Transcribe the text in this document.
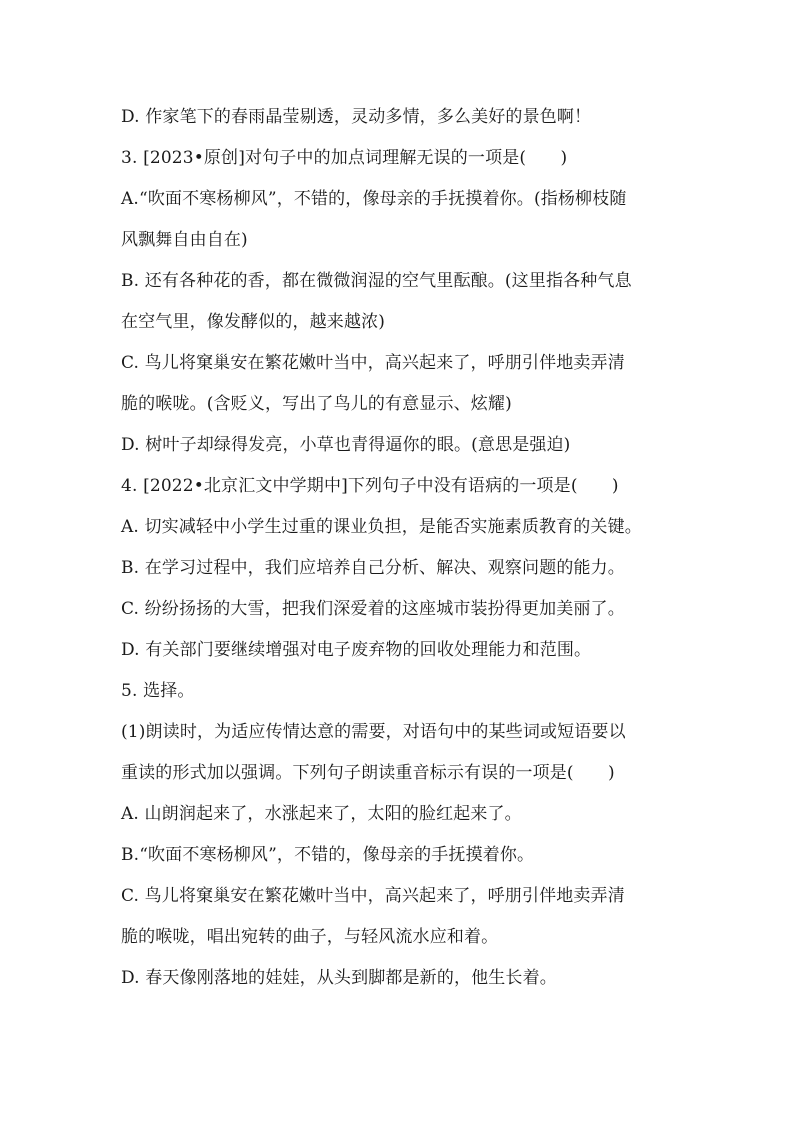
D. 作家笔下的春雨晶莹剔透，灵动多情，多么美好的景色啊！
3. [2023•原创]对句子中的加点词理解无误的一项是(　　)
A.“吹面不寒杨柳风”，不错的，像母亲的手抚摸着你。(指杨柳枝随
风飘舞自由自在)
B. 还有各种花的香，都在微微润湿的空气里酝酿。(这里指各种气息
在空气里，像发酵似的，越来越浓)
C. 鸟儿将窠巢安在繁花嫩叶当中，高兴起来了，呼朋引伴地卖弄清
脆的喉咙。(含贬义，写出了鸟儿的有意显示、炫耀)
D. 树叶子却绿得发亮，小草也青得逼你的眼。(意思是强迫)
4. [2022•北京汇文中学期中]下列句子中没有语病的一项是(　　)
A. 切实减轻中小学生过重的课业负担，是能否实施素质教育的关键。
B. 在学习过程中，我们应培养自己分析、解决、观察问题的能力。
C. 纷纷扬扬的大雪，把我们深爱着的这座城市装扮得更加美丽了。
D. 有关部门要继续增强对电子废弃物的回收处理能力和范围。
5. 选择。
(1)朗读时，为适应传情达意的需要，对语句中的某些词或短语要以
重读的形式加以强调。下列句子朗读重音标示有误的一项是(　　)
A. 山朗润起来了，水涨起来了，太阳的脸红起来了。
B.“吹面不寒杨柳风”，不错的，像母亲的手抚摸着你。
C. 鸟儿将窠巢安在繁花嫩叶当中，高兴起来了，呼朋引伴地卖弄清
脆的喉咙，唱出宛转的曲子，与轻风流水应和着。
D. 春天像刚落地的娃娃，从头到脚都是新的，他生长着。
